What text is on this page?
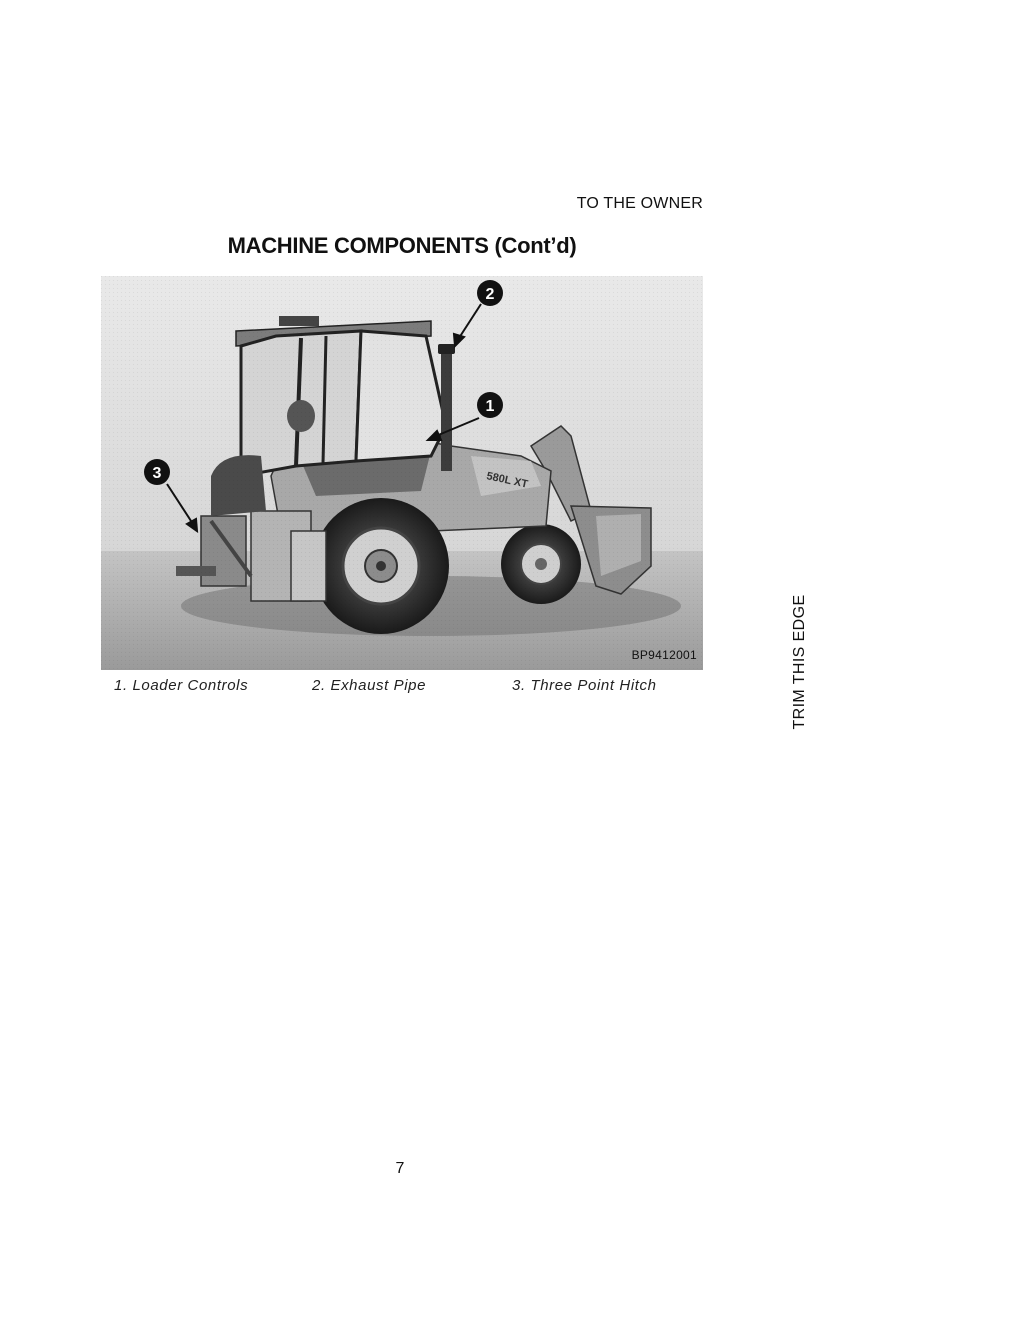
TO THE OWNER
MACHINE COMPONENTS (Cont’d)
BP9412001
1. Loader Controls	2. Exhaust Pipe	3. Three Point Hitch	TRIM THIS EDGE
7
